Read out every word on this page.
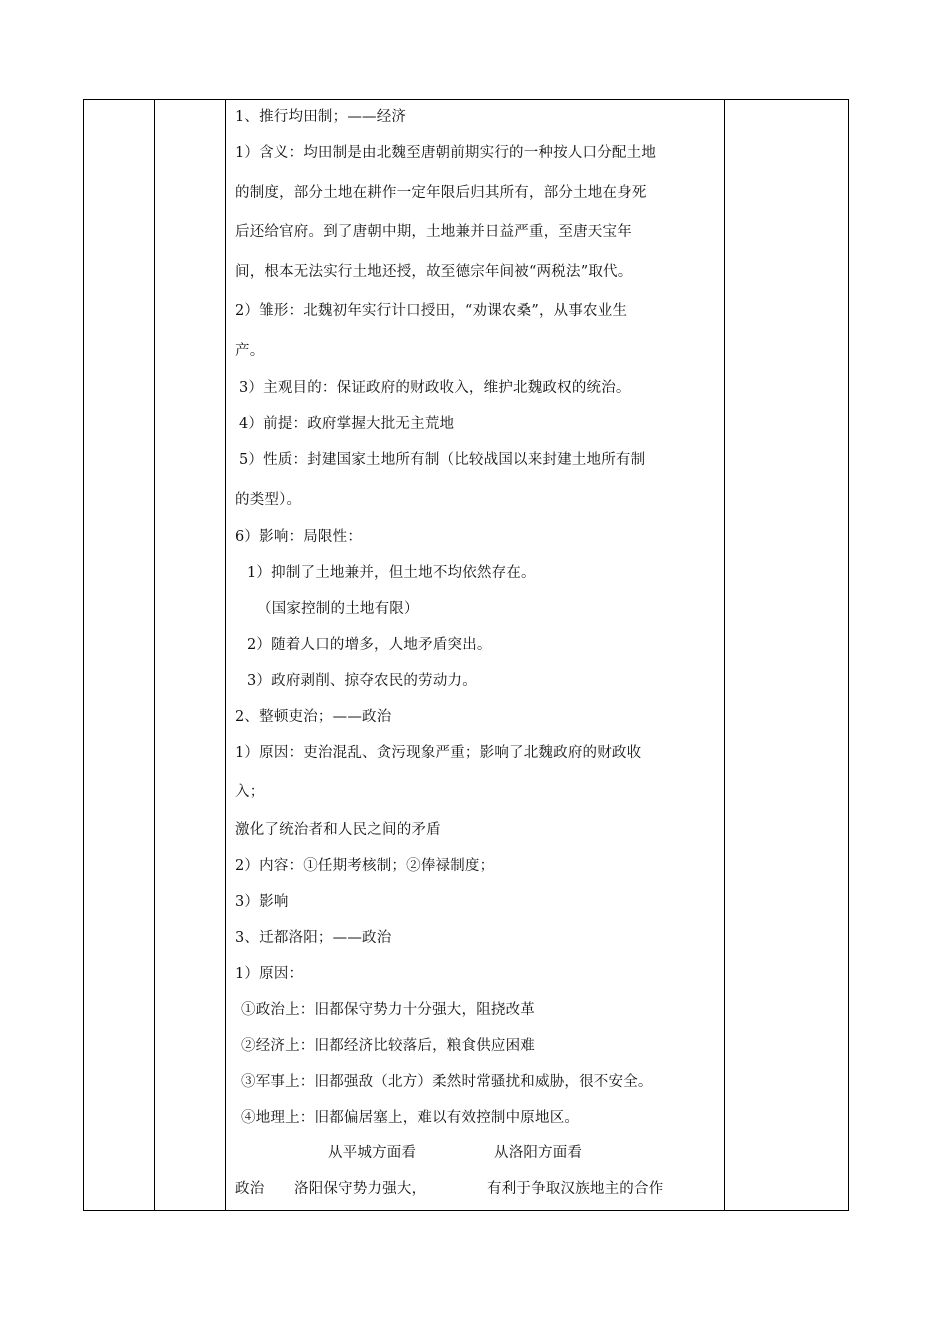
1、推行均田制；——经济
1）含义：均田制是由北魏至唐朝前期实行的一种按人口分配土地
的制度，部分土地在耕作一定年限后归其所有，部分土地在身死
后还给官府。到了唐朝中期，土地兼并日益严重，至唐天宝年
间，根本无法实行土地还授，故至德宗年间被“两税法”取代。
2）雏形：北魏初年实行计口授田，“劝课农桑”，从事农业生
产。
3）主观目的：保证政府的财政收入，维护北魏政权的统治。
4）前提：政府掌握大批无主荒地
5）性质：封建国家土地所有制（比较战国以来封建土地所有制
的类型）。
6）影响：局限性：
1）抑制了土地兼并，但土地不均依然存在。
（国家控制的土地有限）
2）随着人口的增多，人地矛盾突出。
3）政府剥削、掠夺农民的劳动力。
2、整顿吏治；——政治
1）原因：吏治混乱、贪污现象严重；影响了北魏政府的财政收
入；
激化了统治者和人民之间的矛盾
2）内容：①任期考核制；②俸禄制度；
3）影响
3、迁都洛阳；——政治
1）原因：
①政治上：旧都保守势力十分强大，阻挠改革
②经济上：旧都经济比较落后，粮食供应困难
③军事上：旧都强敌（北方）柔然时常骚扰和威胁，很不安全。
④地理上：旧都偏居塞上，难以有效控制中原地区。
从平城方面看	从洛阳方面看
政治 洛阳保守势力强大，	有利于争取汉族地主的合作
